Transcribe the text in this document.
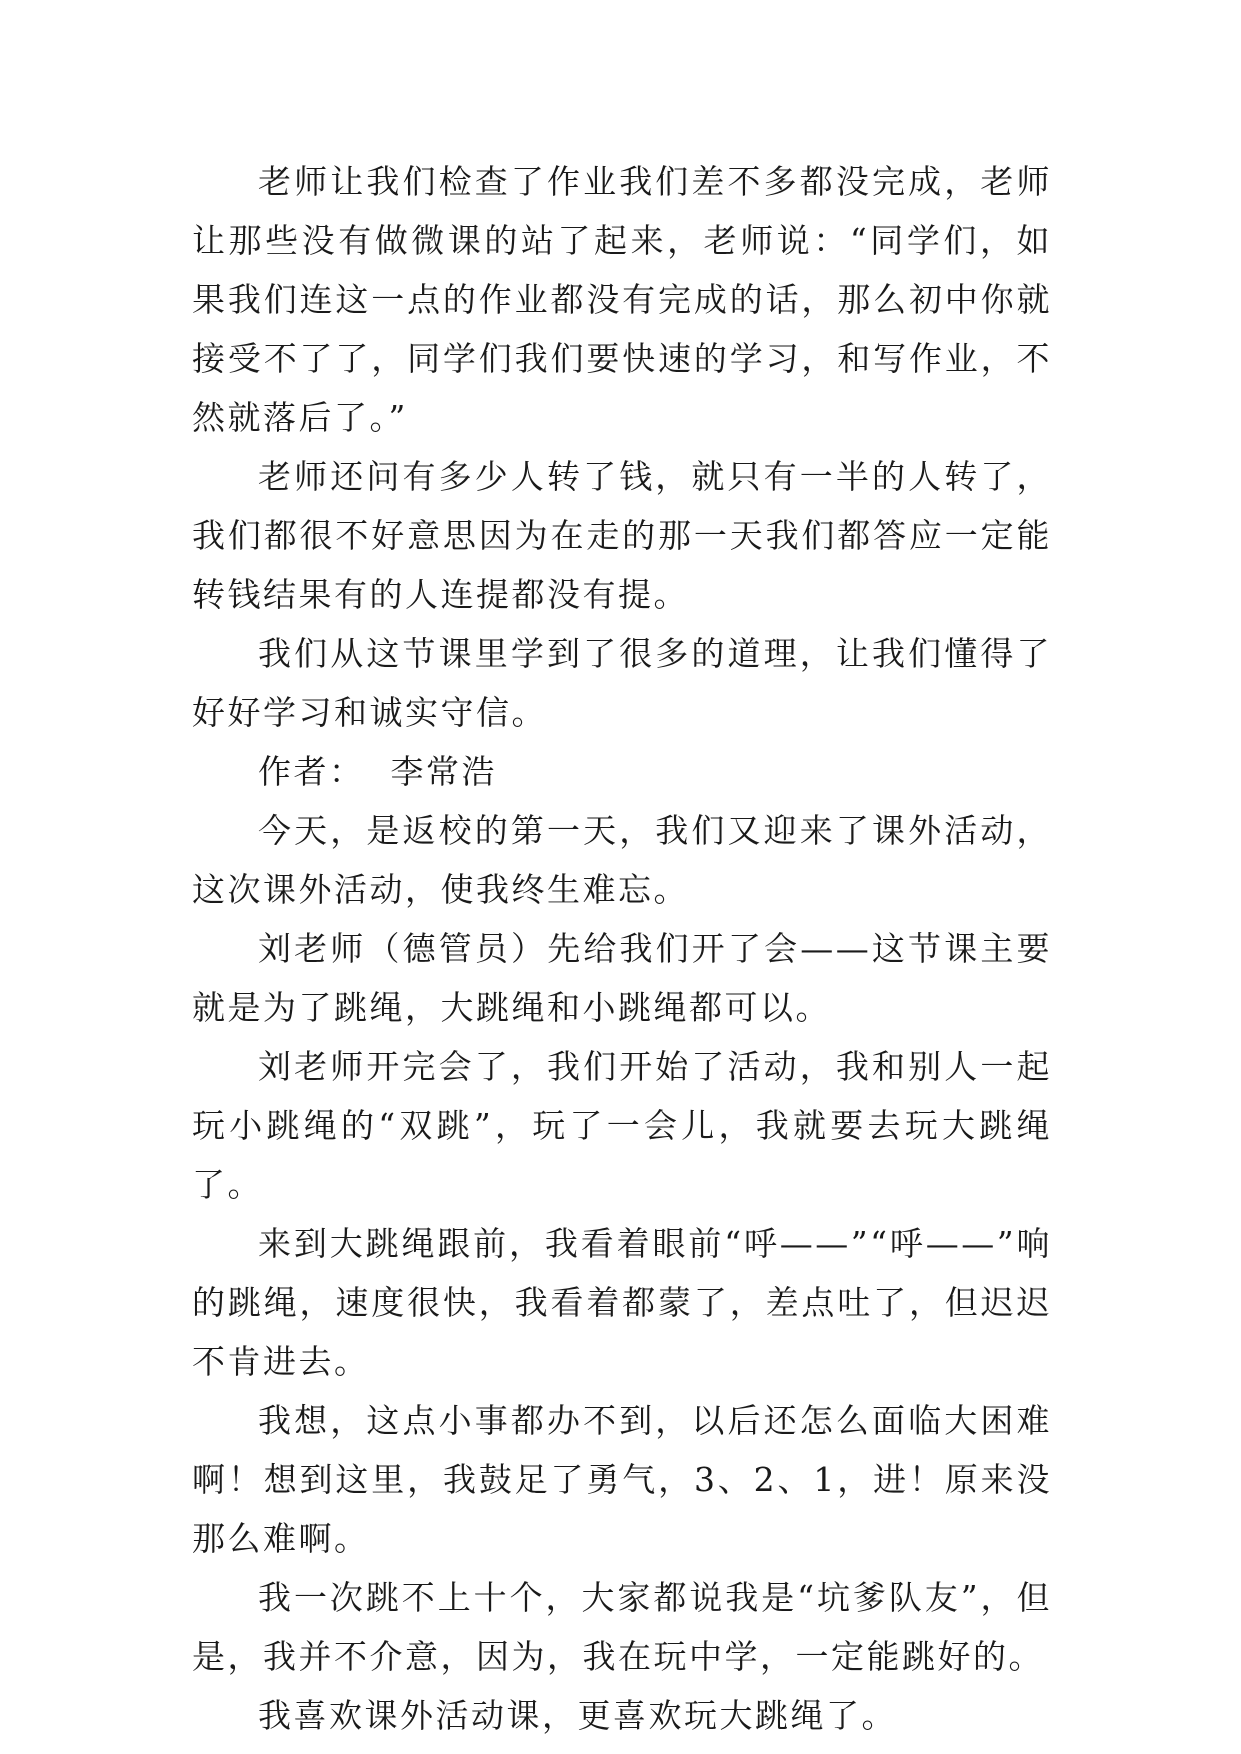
老师让我们检查了作业我们差不多都没完成，老师让那些没有做微课的站了起来，老师说：“同学们，如果我们连这一点的作业都没有完成的话，那么初中你就接受不了了，同学们我们要快速的学习，和写作业，不然就落后了。”

老师还问有多少人转了钱，就只有一半的人转了，我们都很不好意思因为在走的那一天我们都答应一定能转钱结果有的人连提都没有提。

我们从这节课里学到了很多的道理，让我们懂得了好好学习和诚实守信。

作者： 李常浩

今天，是返校的第一天，我们又迎来了课外活动，这次课外活动，使我终生难忘。

刘老师（德管员）先给我们开了会——这节课主要就是为了跳绳，大跳绳和小跳绳都可以。

刘老师开完会了，我们开始了活动，我和别人一起玩小跳绳的“双跳”，玩了一会儿，我就要去玩大跳绳了。

来到大跳绳跟前，我看着眼前“呼——”“呼——”响的跳绳，速度很快，我看着都蒙了，差点吐了，但迟迟不肯进去。

我想，这点小事都办不到，以后还怎么面临大困难啊！想到这里，我鼓足了勇气，3、2、1，进！原来没那么难啊。

我一次跳不上十个，大家都说我是“坑爹队友”，但是，我并不介意，因为，我在玩中学，一定能跳好的。

我喜欢课外活动课，更喜欢玩大跳绳了。
